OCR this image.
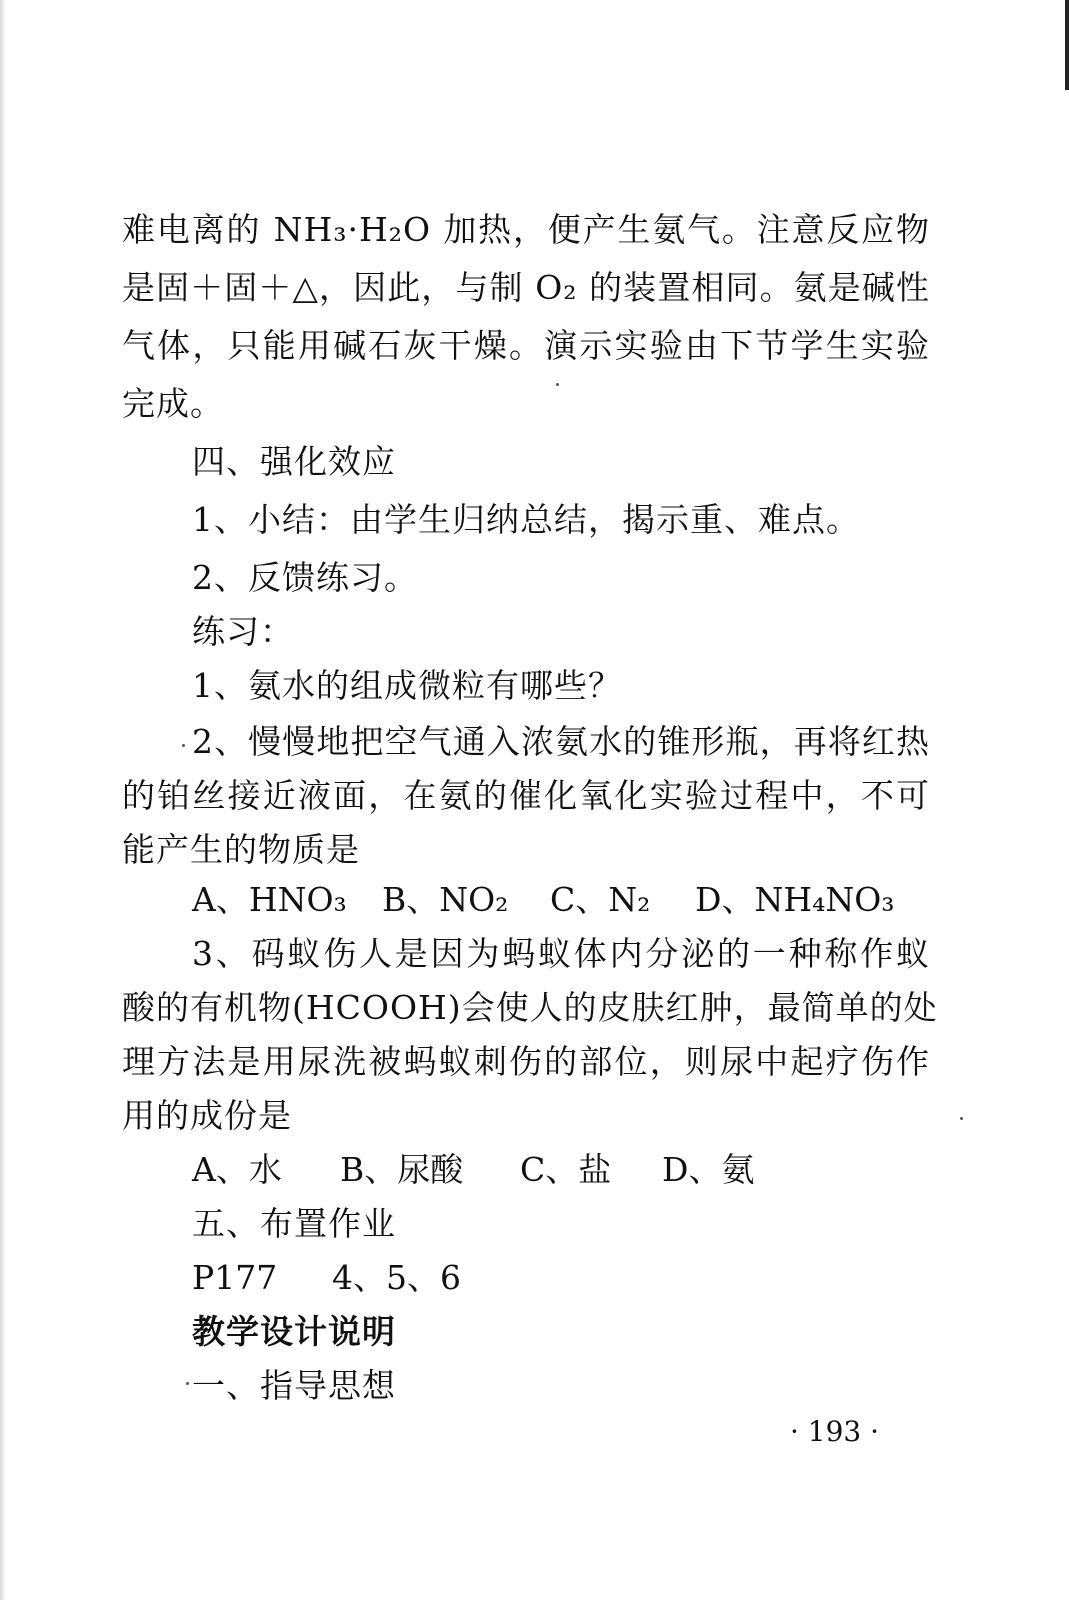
难电离的 NH₃·H₂O 加热，便产生氨气。注意反应物
是固＋固＋△，因此，与制 O₂ 的装置相同。氨是碱性
气体，只能用碱石灰干燥。演示实验由下节学生实验
完成。
四、强化效应
1、小结：由学生归纳总结，揭示重、难点。
2、反馈练习。
练习：
1、氨水的组成微粒有哪些？
2、慢慢地把空气通入浓氨水的锥形瓶，再将红热
的铂丝接近液面，在氨的催化氧化实验过程中，不可
能产生的物质是
A、HNO₃ B、NO₂ C、N₂ D、NH₄NO₃
3、码蚁伤人是因为蚂蚁体内分泌的一种称作蚁
酸的有机物(HCOOH)会使人的皮肤红肿，最简单的处
理方法是用尿洗被蚂蚁刺伤的部位，则尿中起疗伤作
用的成份是
A、水 B、尿酸 C、盐 D、氨
五、布置作业
P177 4、5、6
教学设计说明
一、指导思想
· 193 ·
